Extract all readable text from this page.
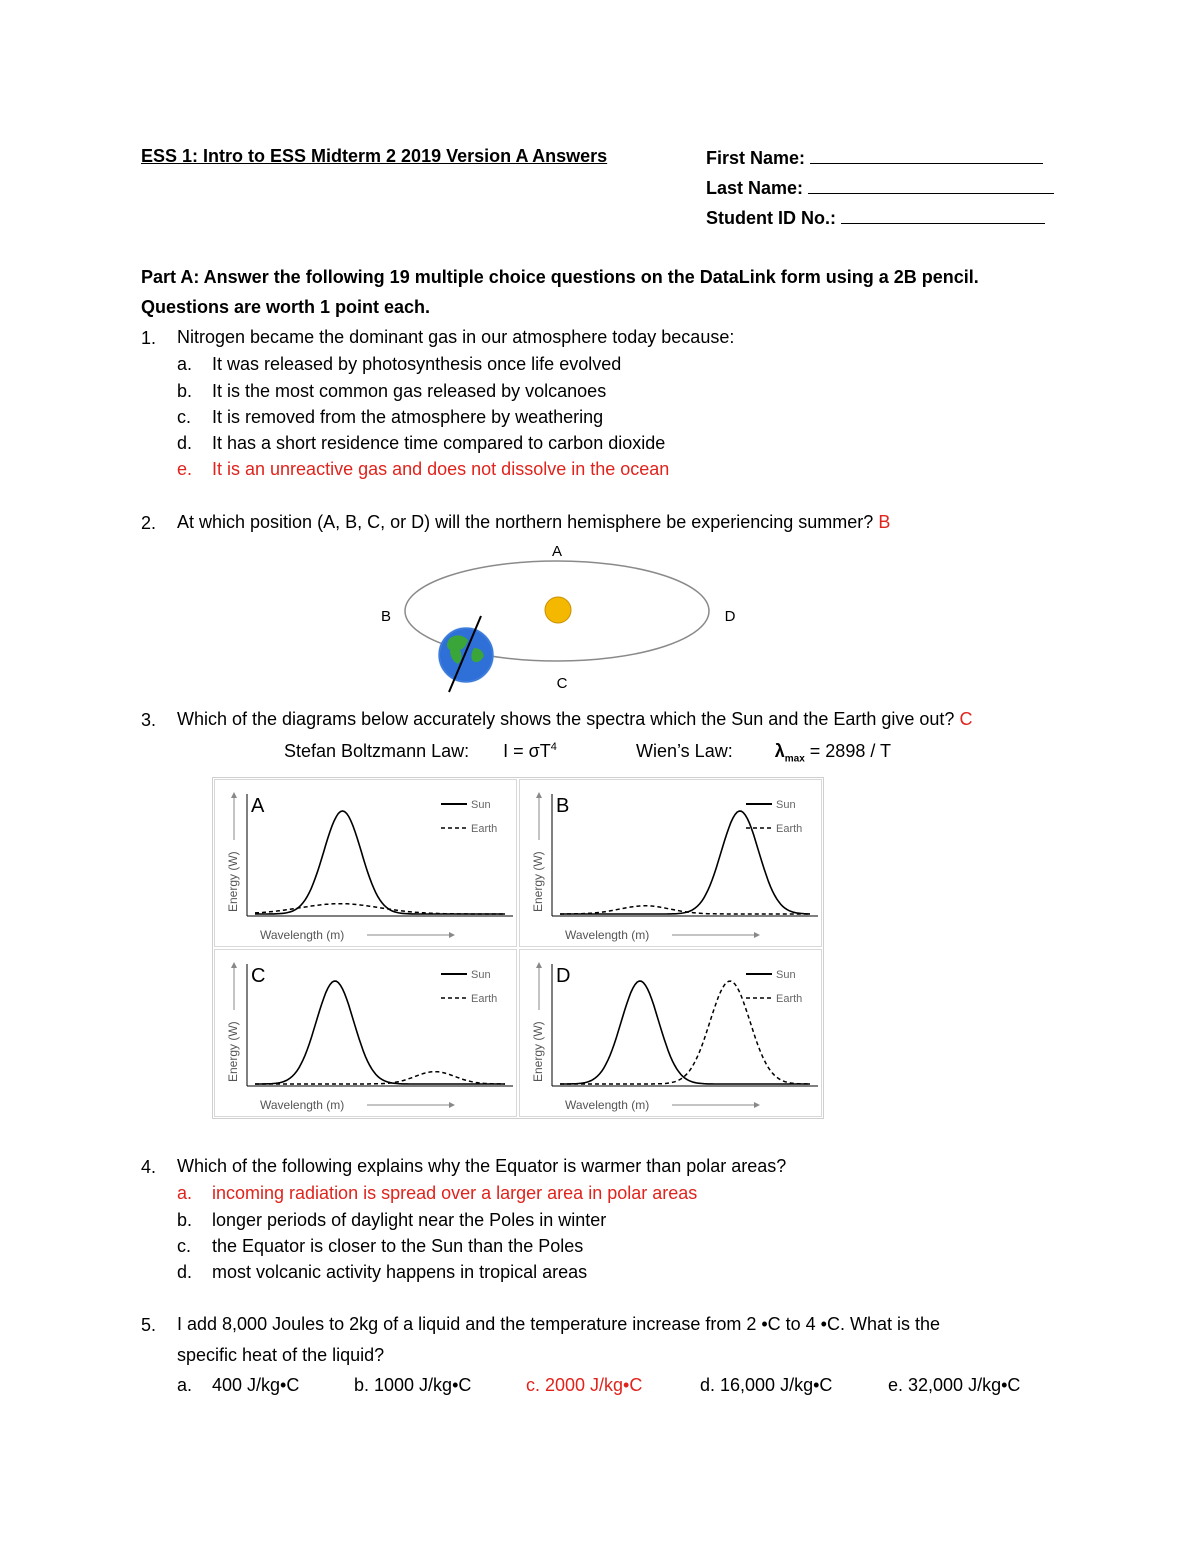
ESS 1: Intro to ESS Midterm 2 2019 Version A Answers	First Name:
Last Name:
Student ID No.:
Part A: Answer the following 19 multiple choice questions on the DataLink form using a 2B pencil.
Questions are worth 1 point each.
1. Nitrogen became the dominant gas in our atmosphere today because:
a. It was released by photosynthesis once life evolved
b. It is the most common gas released by volcanoes
c. It is removed from the atmosphere by weathering
d. It has a short residence time compared to carbon dioxide
e. It is an unreactive gas and does not dissolve in the ocean
2. At which position (A, B, C, or D) will the northern hemisphere be experiencing summer? B
A
B	D
C
3. Which of the diagrams below accurately shows the spectra which the Sun and the Earth give out? C
Stefan Boltzmann Law: $I = \sigma T^4$	Wien’s Law: $\lambda_{max} = 2898 / T$
A	Sun
Earth
Wavelength (m)
Energy (W)
B	Sun
Earth
Wavelength (m)
Energy (W)
C	Sun
Earth
Wavelength (m)
Energy (W)
D	Sun
Earth
Wavelength (m)
Energy (W)
4. Which of the following explains why the Equator is warmer than polar areas?
a. incoming radiation is spread over a larger area in polar areas
b. longer periods of daylight near the Poles in winter
c. the Equator is closer to the Sun than the Poles
d. most volcanic activity happens in tropical areas
5. I add 8,000 Joules to 2kg of a liquid and the temperature increase from 2 •C to 4 •C. What is the
specific heat of the liquid?
a. 400 J/kg•C	b. 1000 J/kg•C	c. 2000 J/kg•C	d. 16,000 J/kg•C	e. 32,000 J/kg•C
